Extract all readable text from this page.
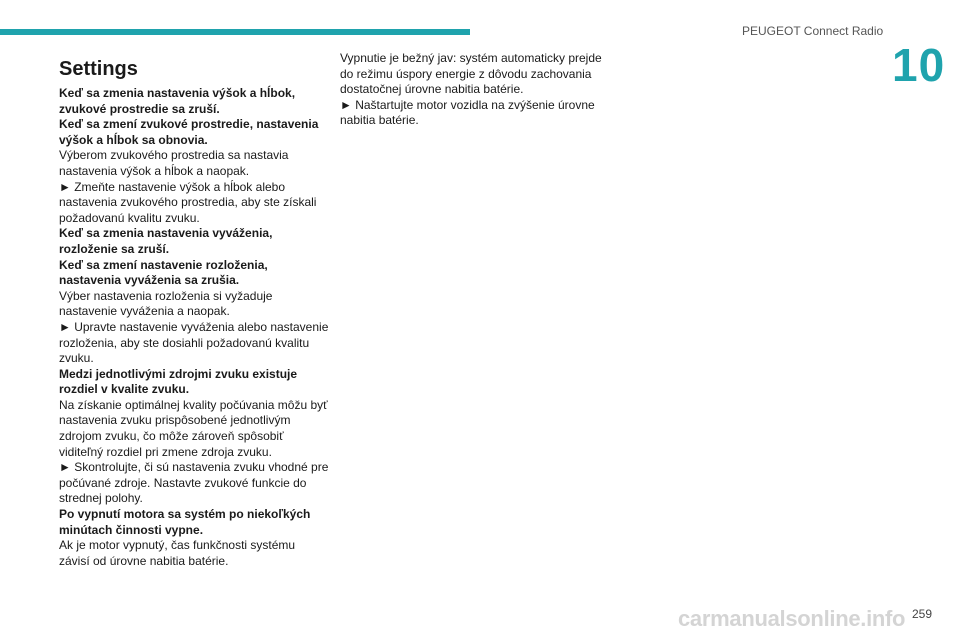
PEUGEOT Connect Radio
10
Settings

Keď sa zmenia nastavenia výšok a hĺbok, zvukové prostredie sa zruší.

Keď sa zmení zvukové prostredie, nastavenia výšok a hĺbok sa obnovia.

Výberom zvukového prostredia sa nastavia nastavenia výšok a hĺbok a naopak.

► Zmeňte nastavenie výšok a hĺbok alebo nastavenia zvukového prostredia, aby ste získali požadovanú kvalitu zvuku.

Keď sa zmenia nastavenia vyváženia, rozloženie sa zruší.

Keď sa zmení nastavenie rozloženia, nastavenia vyváženia sa zrušia.

Výber nastavenia rozloženia si vyžaduje nastavenie vyváženia a naopak.

► Upravte nastavenie vyváženia alebo nastavenie rozloženia, aby ste dosiahli požadovanú kvalitu zvuku.

Medzi jednotlivými zdrojmi zvuku existuje rozdiel v kvalite zvuku.

Na získanie optimálnej kvality počúvania môžu byť nastavenia zvuku prispôsobené jednotlivým zdrojom zvuku, čo môže zároveň spôsobiť viditeľný rozdiel pri zmene zdroja zvuku.

► Skontrolujte, či sú nastavenia zvuku vhodné pre počúvané zdroje. Nastavte zvukové funkcie do strednej polohy.

Po vypnutí motora sa systém po niekoľkých minútach činnosti vypne.

Ak je motor vypnutý, čas funkčnosti systému závisí od úrovne nabitia batérie.

Vypnutie je bežný jav: systém automaticky prejde do režimu úspory energie z dôvodu zachovania dostatočnej úrovne nabitia batérie.

► Naštartujte motor vozidla na zvýšenie úrovne nabitia batérie.

carmanualsonline.info 259
